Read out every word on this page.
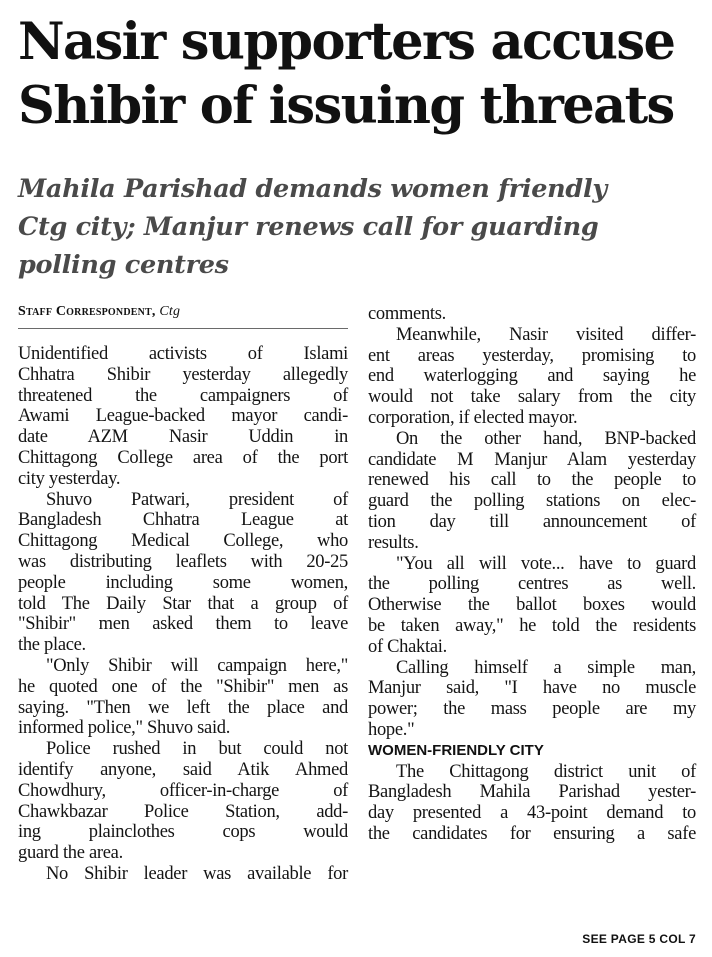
Nasir supporters accuse
Shibir of issuing threats
Mahila Parishad demands women friendly
Ctg city; Manjur renews call for guarding
polling centres
Staff Correspondent, Ctg
Unidentified activists of Islami
Chhatra Shibir yesterday allegedly
threatened the campaigners of
Awami League-backed mayor candi-
date AZM Nasir Uddin in
Chittagong College area of the port
city yesterday.
Shuvo Patwari, president of
Bangladesh Chhatra League at
Chittagong Medical College, who
was distributing leaflets with 20-25
people including some women,
told The Daily Star that a group of
"Shibir" men asked them to leave
the place.
"Only Shibir will campaign here,"
he quoted one of the "Shibir" men as
saying. "Then we left the place and
informed police," Shuvo said.
Police rushed in but could not
identify anyone, said Atik Ahmed
Chowdhury, officer-in-charge of
Chawkbazar Police Station, add-
ing plainclothes cops would
guard the area.
No Shibir leader was available for
comments.
Meanwhile, Nasir visited differ-
ent areas yesterday, promising to
end waterlogging and saying he
would not take salary from the city
corporation, if elected mayor.
On the other hand, BNP-backed
candidate M Manjur Alam yesterday
renewed his call to the people to
guard the polling stations on elec-
tion day till announcement of
results.
"You all will vote... have to guard
the polling centres as well.
Otherwise the ballot boxes would
be taken away," he told the residents
of Chaktai.
Calling himself a simple man,
Manjur said, "I have no muscle
power; the mass people are my
hope."
WOMEN-FRIENDLY CITY
The Chittagong district unit of
Bangladesh Mahila Parishad yester-
day presented a 43-point demand to
the candidates for ensuring a safe
SEE PAGE 5 COL 7
